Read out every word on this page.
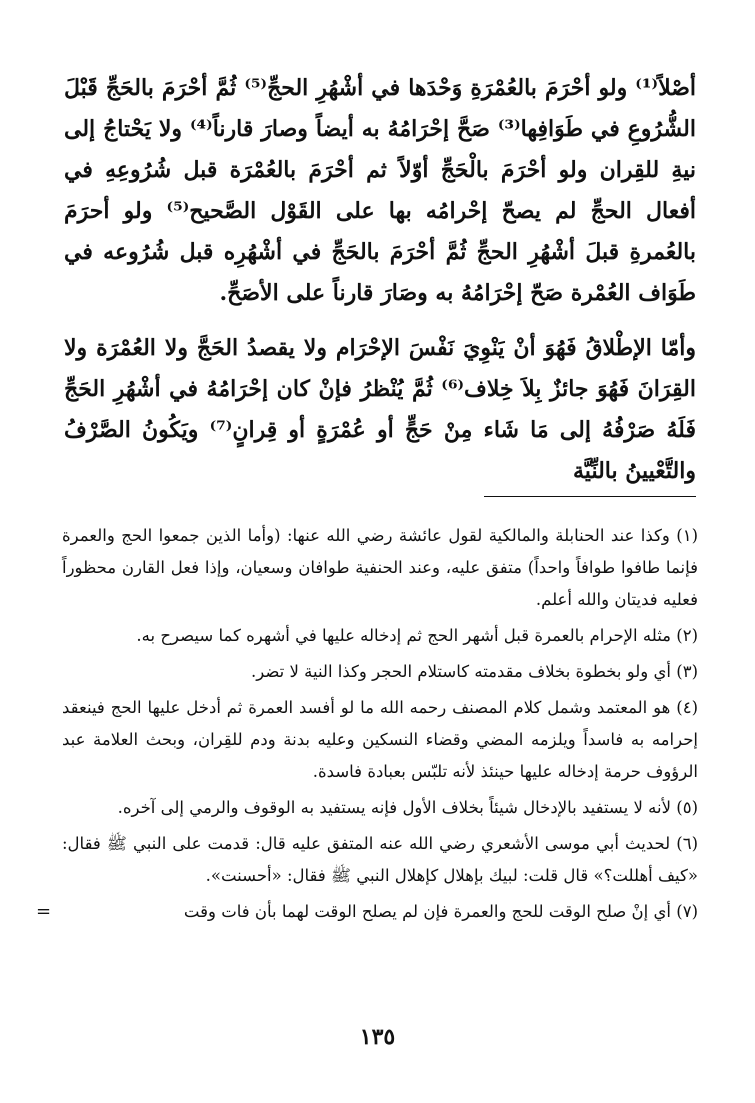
أصْلاً⁽¹⁾ ولو أحْرَمَ بالعُمْرَةِ وَحْدَها في أشْهُرِ الحجِّ⁽⁵⁾ ثُمَّ أحْرَمَ بالحَجِّ قَبْلَ الشُّرُوعِ في طَوَافِها⁽³⁾ صَحَّ إحْرَامُهُ به أيضاً وصارَ قارناً⁽⁴⁾ ولا يَحْتاجُ إلى نيةِ للقِران ولو أحْرَمَ بالْحَجِّ أوّلاً ثم أحْرَمَ بالعُمْرَة قبل شُرُوعِهِ في أفعال الحجِّ لم يصحّ إحْرامُه بها على القَوْل الصَّحيح⁽⁵⁾ ولو أحرَمَ بالعُمرةِ قبلَ أشْهُرِ الحجِّ ثُمَّ أحْرَمَ بالحَجِّ في أشْهُرِه قبل شُرُوعه في طَوَاف العُمْرة صَحّ إحْرَامُهُ به وصَارَ قارناً على الأصَحِّ.

وأمّا الإطْلاقُ فَهُوَ أنْ يَنْوِيَ نَفْسَ الإحْرَام ولا يقصدُ الحَجَّ ولا العُمْرَة ولا القِرَانَ فَهُوَ جائزٌ بِلاَ خِلاف⁽⁶⁾ ثُمَّ يُنْظرُ فإنْ كان إحْرَامُهُ في أشْهُرِ الحَجِّ فَلَهُ صَرْفُهُ إلى مَا شَاء مِنْ حَجٍّ أو عُمْرَةٍ أو قِرانٍ⁽⁷⁾ ويَكُونُ الصَّرْفُ والتَّعْيينُ بالنِّيَّة

(١) وكذا عند الحنابلة والمالكية لقول عائشة رضي الله عنها: (وأما الذين جمعوا الحج والعمرة فإنما طافوا طوافاً واحداً) متفق عليه، وعند الحنفية طوافان وسعيان، وإذا فعل القارن محظوراً فعليه فديتان والله أعلم.

(٢) مثله الإحرام بالعمرة قبل أشهر الحج ثم إدخاله عليها في أشهره كما سيصرح به.

(٣) أي ولو بخطوة بخلاف مقدمته كاستلام الحجر وكذا النية لا تضر.

(٤) هو المعتمد وشمل كلام المصنف رحمه الله ما لو أفسد العمرة ثم أدخل عليها الحج فينعقد إحرامه به فاسداً ويلزمه المضي وقضاء النسكين وعليه بدنة ودم للقِران، وبحث العلامة عبد الرؤوف حرمة إدخاله عليها حينئذ لأنه تلبّس بعبادة فاسدة.

(٥) لأنه لا يستفيد بالإدخال شيئاً بخلاف الأول فإنه يستفيد به الوقوف والرمي إلى آخره.

(٦) لحديث أبي موسى الأشعري رضي الله عنه المتفق عليه قال: قدمت على النبي ﷺ فقال: «كيف أهللت؟» قال قلت: لبيك بإهلال كإهلال النبي ﷺ فقال: «أحسنت».

(٧) أي إنْ صلح الوقت للحج والعمرة فإن لم يصلح الوقت لهما بأن فات وقت

=
١٣٥
